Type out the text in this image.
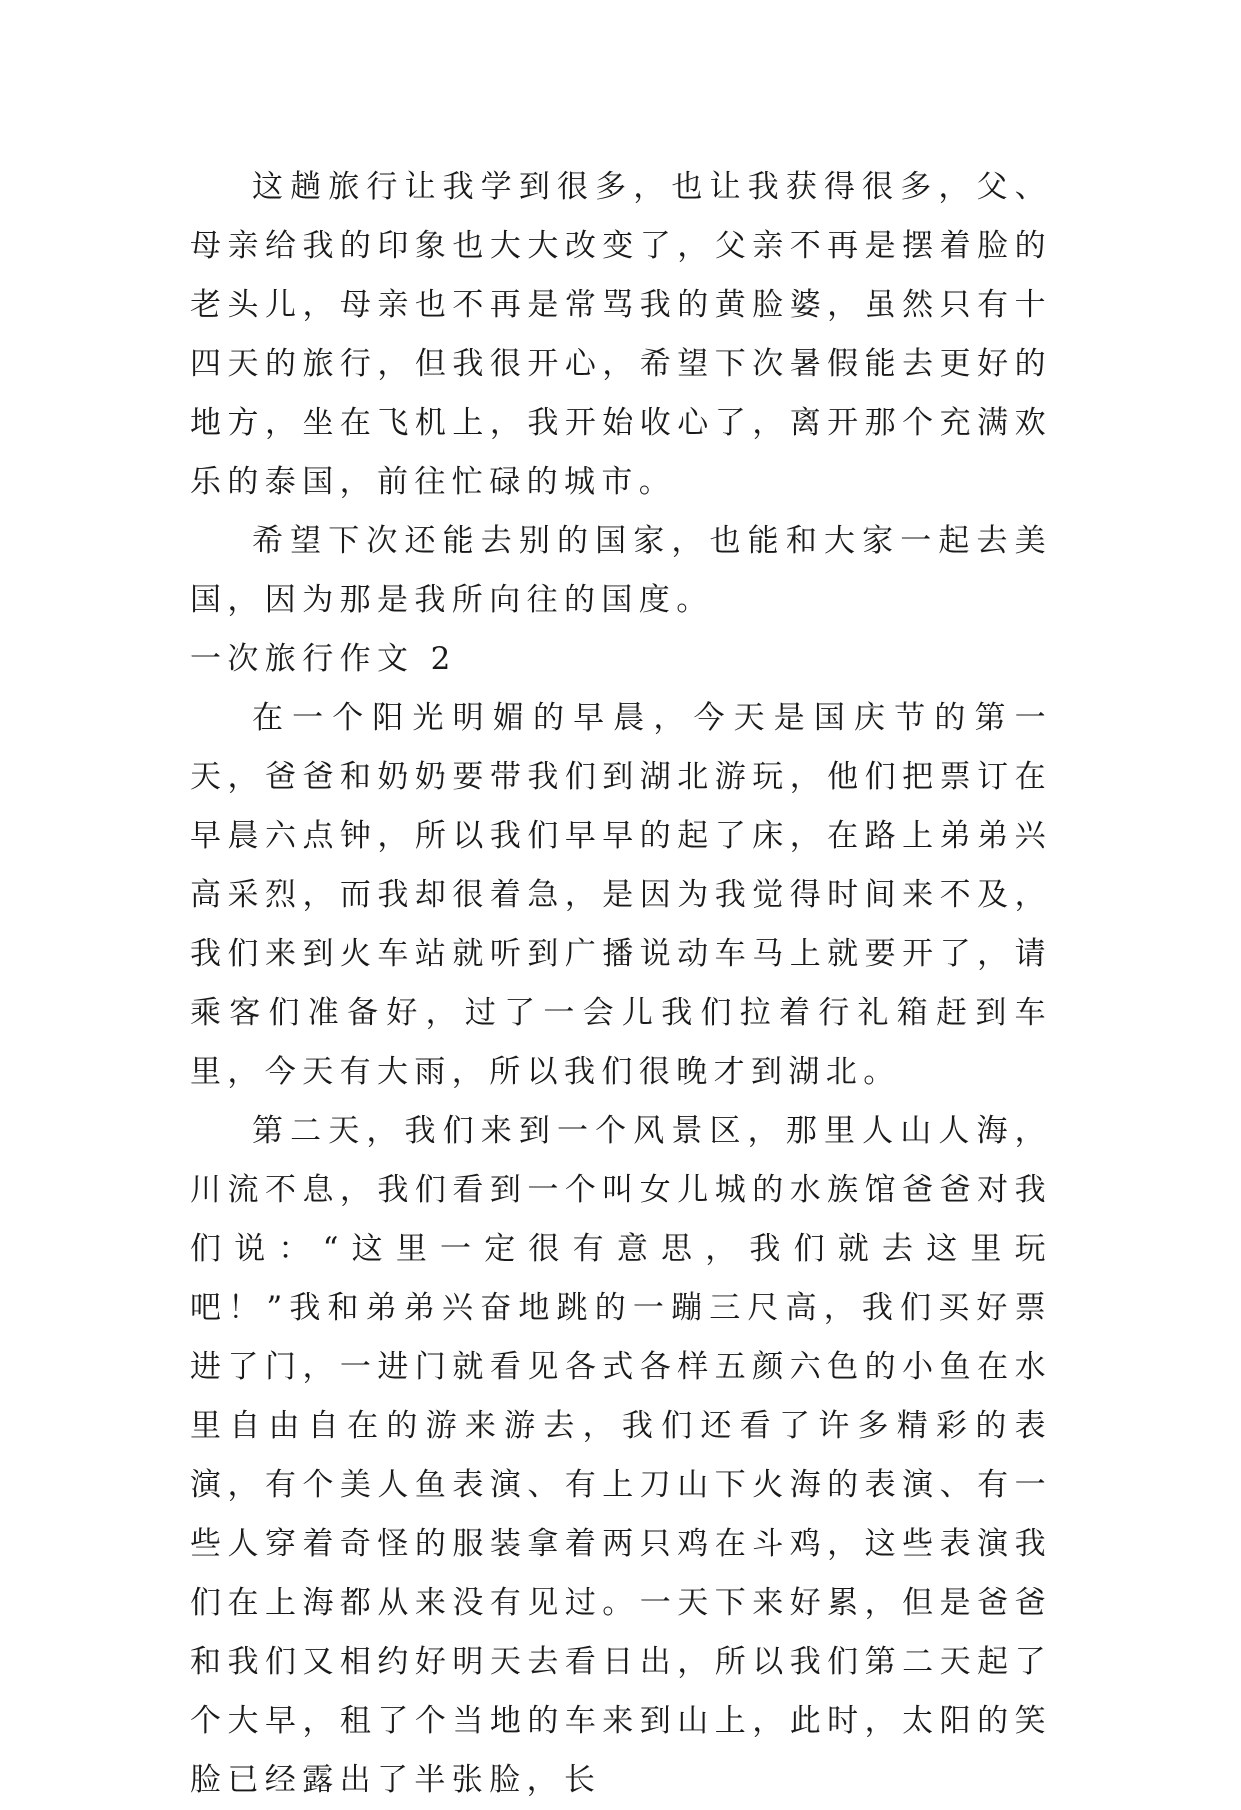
这趟旅行让我学到很多，也让我获得很多，父、母亲给我的印象也大大改变了，父亲不再是摆着脸的老头儿，母亲也不再是常骂我的黄脸婆，虽然只有十四天的旅行，但我很开心，希望下次暑假能去更好的地方，坐在飞机上，我开始收心了，离开那个充满欢乐的泰国，前往忙碌的城市。

希望下次还能去别的国家，也能和大家一起去美国，因为那是我所向往的国度。

一次旅行作文 2

在一个阳光明媚的早晨，今天是国庆节的第一天，爸爸和奶奶要带我们到湖北游玩，他们把票订在早晨六点钟，所以我们早早的起了床，在路上弟弟兴高采烈，而我却很着急，是因为我觉得时间来不及，我们来到火车站就听到广播说动车马上就要开了，请乘客们准备好，过了一会儿我们拉着行礼箱赶到车里，今天有大雨，所以我们很晚才到湖北。

第二天，我们来到一个风景区，那里人山人海，川流不息，我们看到一个叫女儿城的水族馆爸爸对我们说：“这里一定很有意思，我们就去这里玩吧！”我和弟弟兴奋地跳的一蹦三尺高，我们买好票进了门，一进门就看见各式各样五颜六色的小鱼在水里自由自在的游来游去，我们还看了许多精彩的表演，有个美人鱼表演、有上刀山下火海的表演、有一些人穿着奇怪的服装拿着两只鸡在斗鸡，这些表演我们在上海都从来没有见过。一天下来好累，但是爸爸和我们又相约好明天去看日出，所以我们第二天起了个大早，租了个当地的车来到山上，此时，太阳的笑脸已经露出了半张脸，长
